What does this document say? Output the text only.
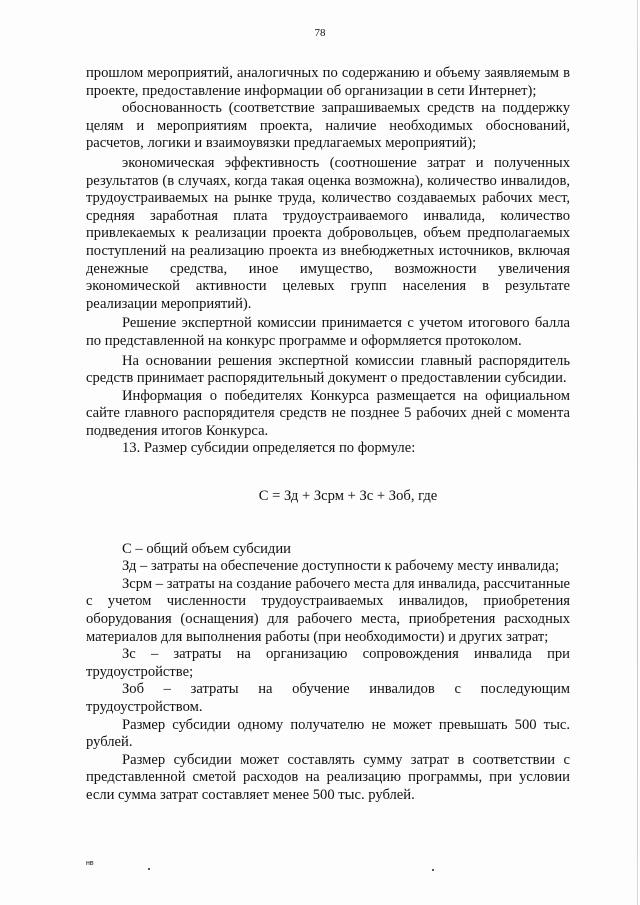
78

прошлом мероприятий, аналогичных по содержанию и объему заявляемым в проекте, предоставление информации об организации в сети Интернет);

обоснованность (соответствие запрашиваемых средств на поддержку целям и мероприятиям проекта, наличие необходимых обоснований, расчетов, логики и взаимоувязки предлагаемых мероприятий);

экономическая эффективность (соотношение затрат и полученных результатов (в случаях, когда такая оценка возможна), количество инвалидов, трудоустраиваемых на рынке труда, количество создаваемых рабочих мест, средняя заработная плата трудоустраиваемого инвалида, количество привлекаемых к реализации проекта добровольцев, объем предполагаемых поступлений на реализацию проекта из внебюджетных источников, включая денежные средства, иное имущество, возможности увеличения экономической активности целевых групп населения в результате реализации мероприятий).

Решение экспертной комиссии принимается с учетом итогового балла по представленной на конкурс программе и оформляется протоколом.

На основании решения экспертной комиссии главный распорядитель средств принимает распорядительный документ о предоставлении субсидии.

Информация о победителях Конкурса размещается на официальном сайте главного распорядителя средств не позднее 5 рабочих дней с момента подведения итогов Конкурса.

13. Размер субсидии определяется по формуле:

С = Зд + Зсрм + Зс + Зоб, где

С – общий объем субсидии

Зд – затраты на обеспечение доступности к рабочему месту инвалида;

Зсрм – затраты на создание рабочего места для инвалида, рассчитанные с учетом численности трудоустраиваемых инвалидов, приобретения оборудования (оснащения) для рабочего места, приобретения расходных материалов для выполнения работы (при необходимости) и других затрат;

Зс – затраты на организацию сопровождения инвалида при трудоустройстве;

Зоб – затраты на обучение инвалидов с последующим трудоустройством.

Размер субсидии одному получателю не может превышать 500 тыс. рублей.

Размер субсидии может составлять сумму затрат в соответствии с представленной сметой расходов на реализацию программы, при условии если сумма затрат составляет менее 500 тыс. рублей.

нв
